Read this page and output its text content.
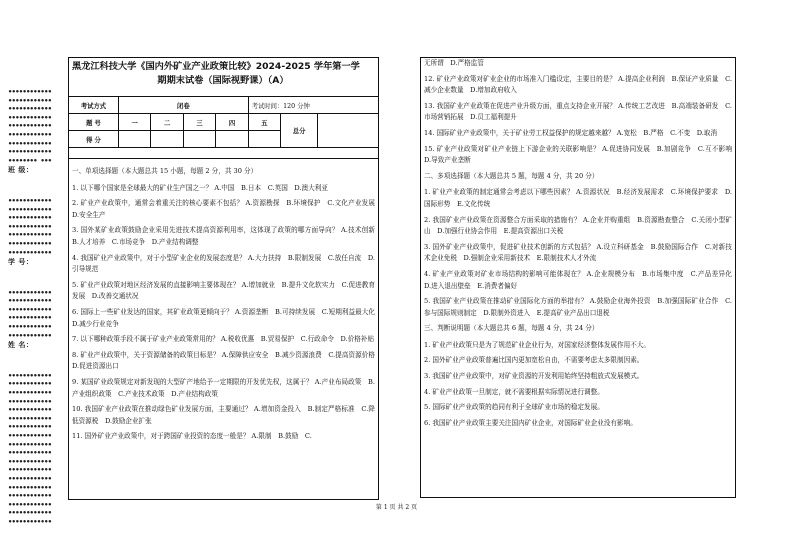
••••••••••••
••••••••••••
••••••••••••
••••••••••••
••••••••••••
••••••••••••
••••••••••••
••••••••••••
•••••••• •••
班 级：
••••••••••••
••••••••••••
••••••••••••
••••••••••••
••••••••••••
••••••••••••
••••••••••••
学 号：
••••••••••••
••••••••••••
••••••••••••
••••••••••••
••••••••••••
••••••••••••
姓 名：
••••••••••••
••••••••••••
••••••••••••
••••••••••••
••••••••••••
••••••••••••
••••••••••••
••••••••••••
••••••••••••
••••••••••••
••••••••••••
••••••••••••
••••••••••••
••••••••••••
••••••••••••
••••••••••••
••••••••••••
••••••••••••
黑龙江科技大学《国内外矿业产业政策比较》2024-2025 学年第一学
期期末试卷（国际视野课）（A）
考试方式	闭卷				考试时间：120 分钟		
题 号	一	二	三	四	五	总分	
得 分							
一、单项选择题（本大题总共 15 小题，每题 2 分，共 30 分）
1. 以下哪个国家是全球最大的矿业生产国之一？ A.中国　B.日本　C.英国　D.澳大利亚
2. 矿业产业政策中，通常会着重关注的核心要素不包括？ A.资源勘探　B.环境保护　C.文化产业发展　D.安全生产
3. 国外某矿业政策鼓励企业采用先进技术提高资源利用率，这体现了政策的哪方面导向？ A.技术创新　B.人才培养　C.市场竞争　D.产业结构调整
4. 我国矿业产业政策中，对于小型矿业企业的发展态度是？ A.大力扶持　B.限制发展　C.放任自流　D.引导规范
5. 矿业产业政策对地区经济发展的直接影响主要体现在？ A.增加就业　B.提升文化软实力　C.促进教育发展　D.改善交通状况
6. 国际上一些矿业发达的国家，其矿业政策更倾向于？ A.资源垄断　B.可持续发展　C.短期利益最大化　D.减少行业竞争
7. 以下哪种政策手段不属于矿业产业政策常用的？ A.税收优惠　B.贸易保护　C.行政命令　D.价格补贴
8. 矿业产业政策中，关于资源储备的政策目标是？ A.保障供应安全　B.减少资源浪费　C.提高资源价格　D.促进资源出口
9. 某国矿业政策规定对新发现的大型矿产地给予一定期限的开发优先权，这属于？ A.产业布局政策　B.产业组织政策　C.产业技术政策　D.产业结构政策
10. 我国矿业产业政策在推动绿色矿业发展方面，主要通过？ A.增加资金投入　B.制定严格标准　C.降低资源税　D.鼓励企业扩张
11. 国外矿业产业政策中，对于跨国矿业投资的态度一般是？ A.限制　B.鼓励　C.
无所谓　D.严格监管
12. 矿业产业政策对矿业企业的市场准入门槛设定，主要目的是？ A.提高企业利润　B.保证产业质量　C.减少企业数量　D.增加政府收入
13. 我国矿业产业政策在促进产业升级方面，重点支持企业开展？ A.传统工艺改进　B.高端装备研发　C.市场营销拓展　D.员工福利提升
14. 国际矿业产业政策中，关于矿业劳工权益保护的规定越来越？ A.宽松　B.严格　C.不变　D.取消
15. 矿业产业政策对矿业产业链上下游企业的关联影响是？ A.促进协同发展　B.加剧竞争　C.互不影响　D.导致产业垄断
二、多项选择题（本大题总共 5 题，每题 4 分，共 20 分）
1. 矿业产业政策的制定通常会考虑以下哪些因素？ A.资源状况　B.经济发展需求　C.环境保护要求　D.国际形势　E.文化传统
2. 我国矿业产业政策在资源整合方面采取的措施有？ A.企业并购重组　B.资源勘查整合　C.关闭小型矿山　D.加强行业协会作用　E.提高资源出口关税
3. 国外矿业产业政策中，促进矿业技术创新的方式包括？ A.设立科研基金　B.鼓励国际合作　C.对新技术企业免税　D.强制企业采用新技术　E.限制技术人才外流
4. 矿业产业政策对矿业市场结构的影响可能体现在？ A.企业规模分布　B.市场集中度　C.产品差异化　D.进入退出壁垒　E.消费者偏好
5. 我国矿业产业政策在推动矿业国际化方面的举措有？ A.鼓励企业海外投资　B.加强国际矿业合作　C.参与国际规则制定　D.限制外资进入　E.提高矿业产品出口退税
三、判断说明题（本大题总共 6 题，每题 4 分，共 24 分）
1. 矿业产业政策只是为了规范矿业企业行为，对国家经济整体发展作用不大。
2. 国外矿业产业政策普遍比国内更加宽松自由，不需要考虑太多限制因素。
3. 我国矿业产业政策中，对矿业资源的开发利用始终坚持粗放式发展模式。
4. 矿业产业政策一旦制定，就不需要根据实际情况进行调整。
5. 国际矿业产业政策的趋同有利于全球矿业市场的稳定发展。
6. 我国矿业产业政策主要关注国内矿业企业，对国际矿业企业没有影响。
第 1 页 共 2 页
